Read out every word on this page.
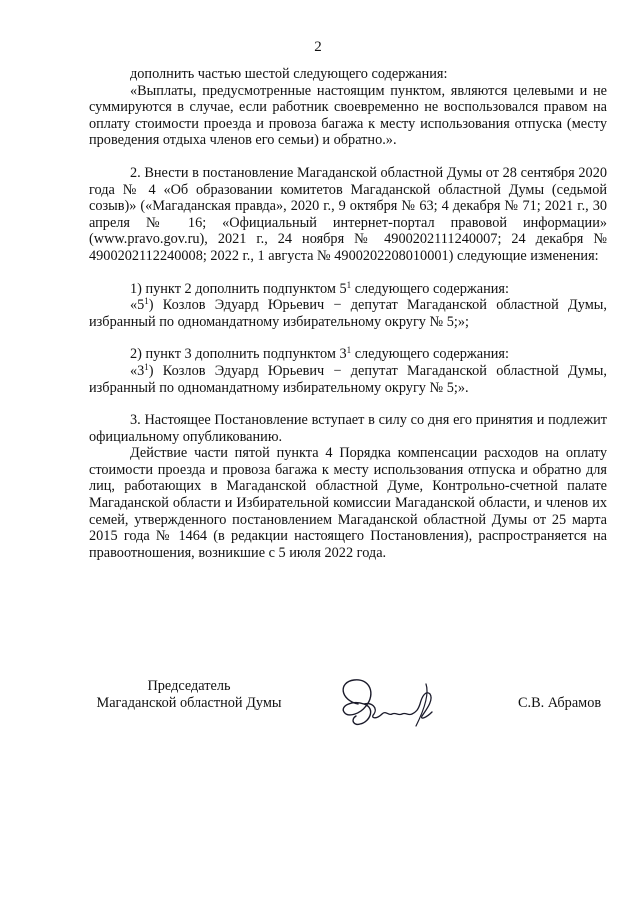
2

дополнить частью шестой следующего содержания:

«Выплаты, предусмотренные настоящим пунктом, являются целевыми и не суммируются в случае, если работник своевременно не воспользовался правом на оплату стоимости проезда и провоза багажа к месту использования отпуска (месту проведения отдыха членов его семьи) и обратно.».

2. Внести в постановление Магаданской областной Думы от 28 сентября 2020 года № 4 «Об образовании комитетов Магаданской областной Думы (седьмой созыв)» («Магаданская правда», 2020 г., 9 октября № 63; 4 декабря № 71; 2021 г., 30 апреля № 16; «Официальный интернет-портал правовой информации» (www.pravo.gov.ru), 2021 г., 24 ноября № 4900202111240007; 24 декабря № 4900202112240008; 2022 г., 1 августа № 4900202208010001) следующие изменения:

1) пункт 2 дополнить подпунктом $5^1$ следующего содержания:

«$5^1$) Козлов Эдуард Юрьевич − депутат Магаданской областной Думы, избранный по одномандатному избирательному округу № 5;»;

2) пункт 3 дополнить подпунктом $3^1$ следующего содержания:

«$3^1$) Козлов Эдуард Юрьевич − депутат Магаданской областной Думы, избранный по одномандатному избирательному округу № 5;».

3. Настоящее Постановление вступает в силу со дня его принятия и подлежит официальному опубликованию.

Действие части пятой пункта 4 Порядка компенсации расходов на оплату стоимости проезда и провоза багажа к месту использования отпуска и обратно для лиц, работающих в Магаданской областной Думе, Контрольно-счетной палате Магаданской области и Избирательной комиссии Магаданской области, и членов их семей, утвержденного постановлением Магаданской областной Думы от 25 марта 2015 года № 1464 (в редакции настоящего Постановления), распространяется на правоотношения, возникшие с 5 июля 2022 года.

Председатель
Магаданской областной Думы	С.В. Абрамов
